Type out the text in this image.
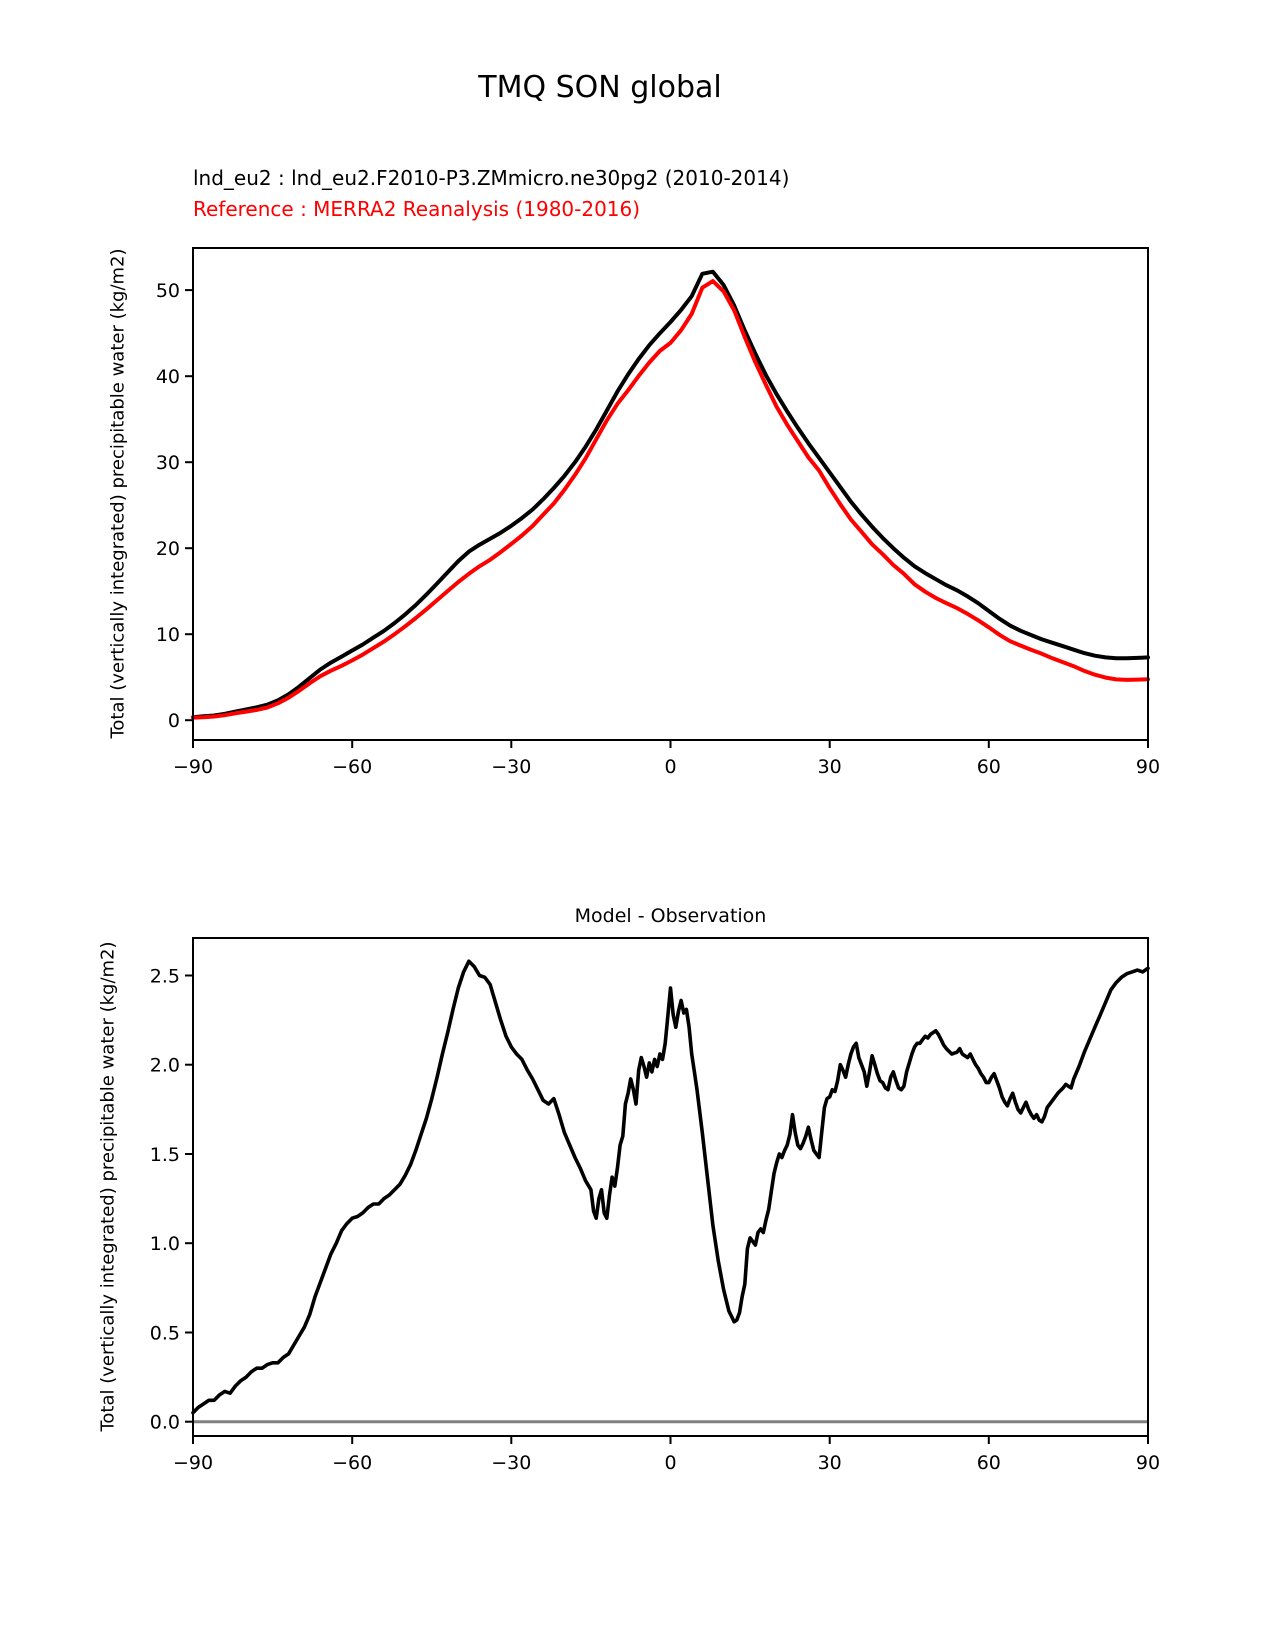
TMQ SON global
lnd_eu2 : lnd_eu2.F2010-P3.ZMmicro.ne30pg2 (2010-2014)
Reference : MERRA2 Reanalysis (1980-2016)
Total (vertically integrated) precipitable water (kg/m2)
Model - Observation
Total (vertically integrated) precipitable water (kg/m2)
−90	−60	−30	0	30	60	90
0
10
20
30
40
50
−90	−60	−30	0	30	60	90
0.0
0.5
1.0
1.5
2.0
2.5
